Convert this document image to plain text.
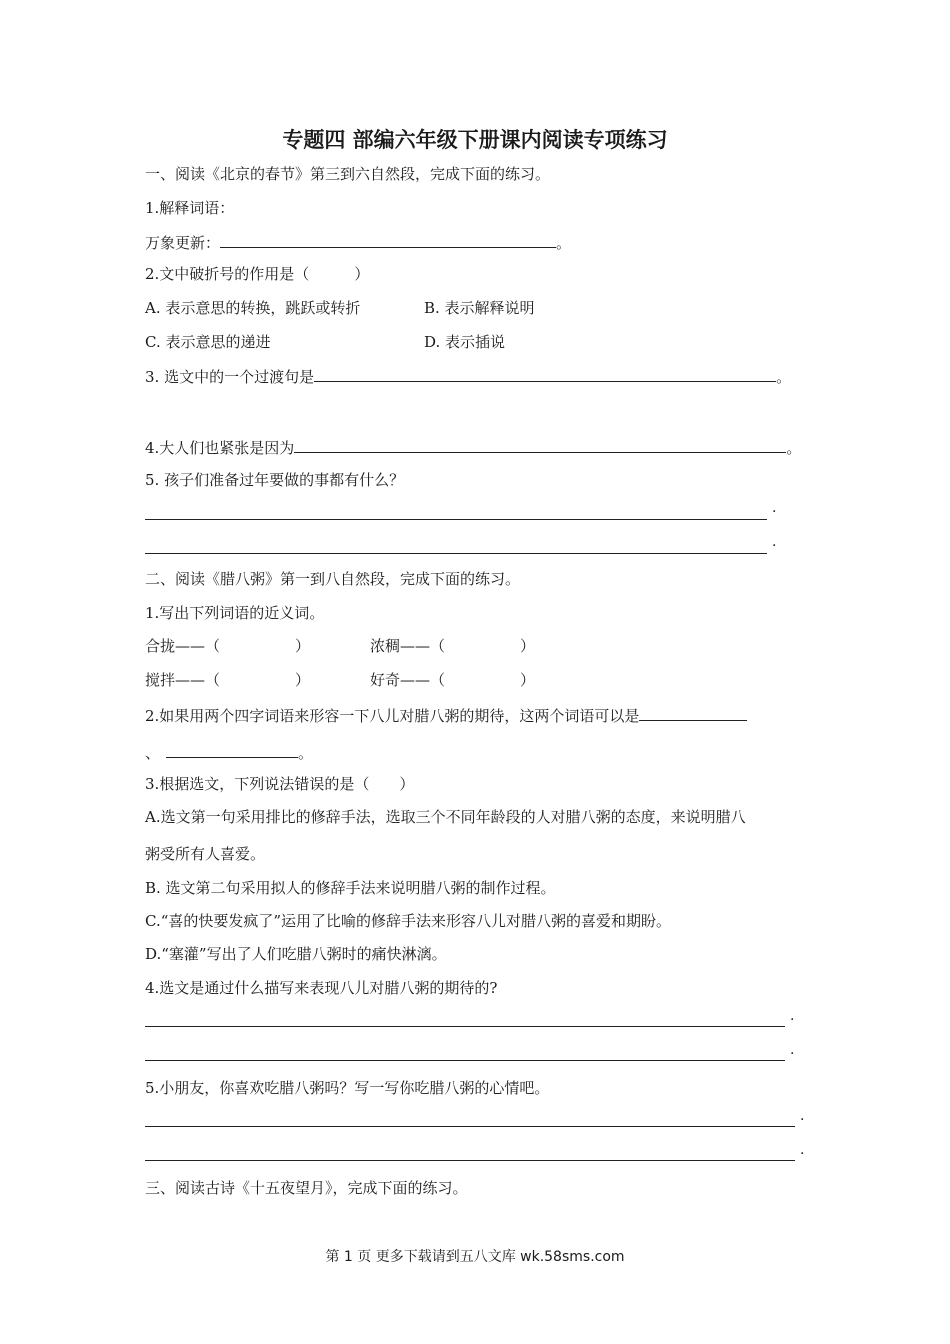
专题四 部编六年级下册课内阅读专项练习
一、阅读《北京的春节》第三到六自然段，完成下面的练习。
1.解释词语：
万象更新：	。
2.文中破折号的作用是（　　　）
A. 表示意思的转换，跳跃或转折	B. 表示解释说明
C. 表示意思的递进	D. 表示插说
3. 选文中的一个过渡句是	。
4.大人们也紧张是因为	。
5. 孩子们准备过年要做的事都有什么？
.
.
二、阅读《腊八粥》第一到八自然段，完成下面的练习。
1.写出下列词语的近义词。
合拢——（　　　　　）	浓稠——（　　　　　）
搅拌——（　　　　　）	好奇——（　　　　　）
2.如果用两个四字词语来形容一下八儿对腊八粥的期待，这两个词语可以是
、	。
3.根据选文，下列说法错误的是（　　）
A.选文第一句采用排比的修辞手法，选取三个不同年龄段的人对腊八粥的态度，来说明腊八
粥受所有人喜爱。
B. 选文第二句采用拟人的修辞手法来说明腊八粥的制作过程。
C.“喜的快要发疯了”运用了比喻的修辞手法来形容八儿对腊八粥的喜爱和期盼。
D.“塞灌”写出了人们吃腊八粥时的痛快淋漓。
4.选文是通过什么描写来表现八儿对腊八粥的期待的?
.
.
5.小朋友，你喜欢吃腊八粥吗？写一写你吃腊八粥的心情吧。
.
.
三、阅读古诗《十五夜望月》，完成下面的练习。
第 1 页 更多下载请到五八文库 wk.58sms.com
